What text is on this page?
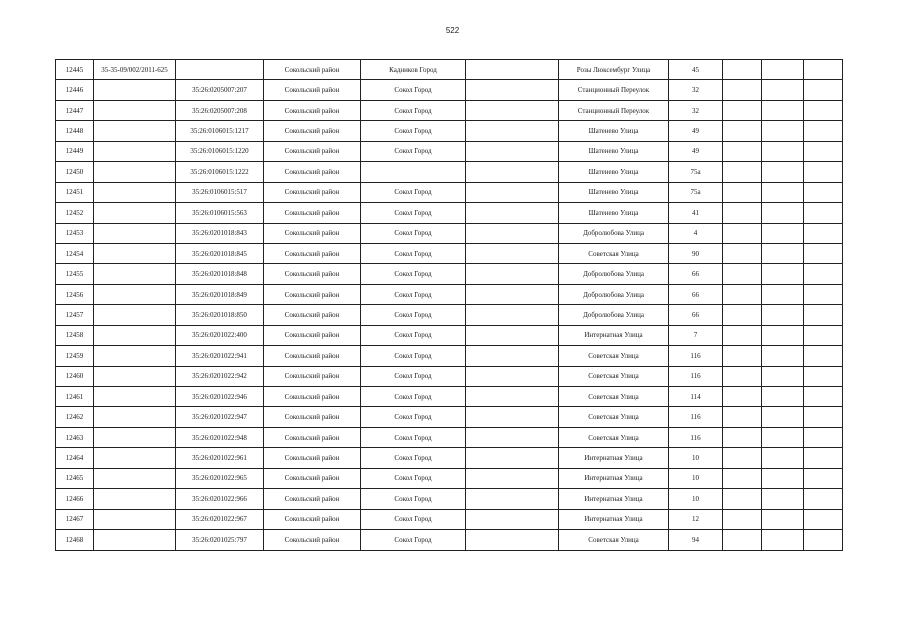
522
12445	35-35-09/002/2011-625		Сокольский район	Кадников Город		Розы Люксембург Улица	45			
12446		35:26:0205007:207	Сокольский район	Сокол Город		Станционный Переулок	32			
12447		35:26:0205007:208	Сокольский район	Сокол Город		Станционный Переулок	32			
12448		35:26:0106015:1217	Сокольский район	Сокол Город		Шатенево Улица	49			
12449		35:26:0106015:1220	Сокольский район	Сокол Город		Шатенево Улица	49			
12450		35:26:0106015:1222	Сокольский район			Шатенево Улица	75а			
12451		35:26:0106015:517	Сокольский район	Сокол Город		Шатенево Улица	75а			
12452		35:26:0106015:563	Сокольский район	Сокол Город		Шатенево Улица	41			
12453		35:26:0201018:843	Сокольский район	Сокол Город		Добролюбова Улица	4			
12454		35:26:0201018:845	Сокольский район	Сокол Город		Советская Улица	90			
12455		35:26:0201018:848	Сокольский район	Сокол Город		Добролюбова Улица	66			
12456		35:26:0201018:849	Сокольский район	Сокол Город		Добролюбова Улица	66			
12457		35:26:0201018:850	Сокольский район	Сокол Город		Добролюбова Улица	66			
12458		35:26:0201022:400	Сокольский район	Сокол Город		Интернатная Улица	7			
12459		35:26:0201022:941	Сокольский район	Сокол Город		Советская Улица	116			
12460		35:26:0201022:942	Сокольский район	Сокол Город		Советская Улица	116			
12461		35:26:0201022:946	Сокольский район	Сокол Город		Советская Улица	114			
12462		35:26:0201022:947	Сокольский район	Сокол Город		Советская Улица	116			
12463		35:26:0201022:948	Сокольский район	Сокол Город		Советская Улица	116			
12464		35:26:0201022:961	Сокольский район	Сокол Город		Интернатная Улица	10			
12465		35:26:0201022:965	Сокольский район	Сокол Город		Интернатная Улица	10			
12466		35:26:0201022:966	Сокольский район	Сокол Город		Интернатная Улица	10			
12467		35:26:0201022:967	Сокольский район	Сокол Город		Интернатная Улица	12			
12468		35:26:0201025:797	Сокольский район	Сокол Город		Советская Улица	94			
